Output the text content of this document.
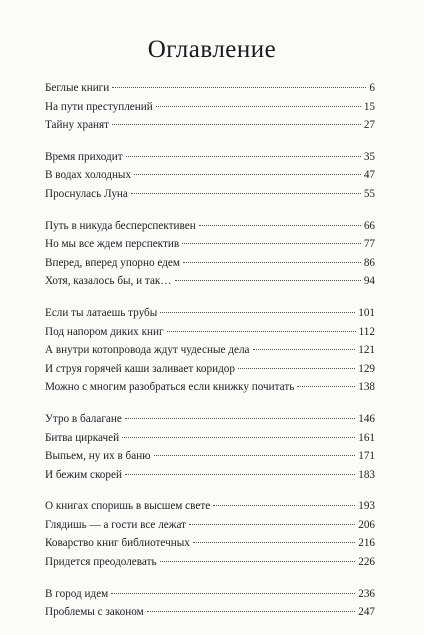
Оглавление
Беглые книги	6
На пути преступлений	15
Тайну хранят	27
Время приходит	35
В водах холодных	47
Проснулась Луна	55
Путь в никуда бесперспективен	66
Но мы все ждем перспектив	77
Вперед, вперед упорно едем	86
Хотя, казалось бы, и так…	94
Если ты латаешь трубы	101
Под напором диких книг	112
А внутри котопровода ждут чудесные дела	121
И струя горячей каши заливает коридор	129
Можно с многим разобраться если книжку почитать	138
Утро в балагане	146
Битва циркачей	161
Выпьем, ну их в баню	171
И бежим скорей	183
О книгах споришь в высшем свете	193
Глядишь — а гости все лежат	206
Коварство книг библиотечных	216
Придется преодолевать	226
В город идем	236
Проблемы с законом	247
